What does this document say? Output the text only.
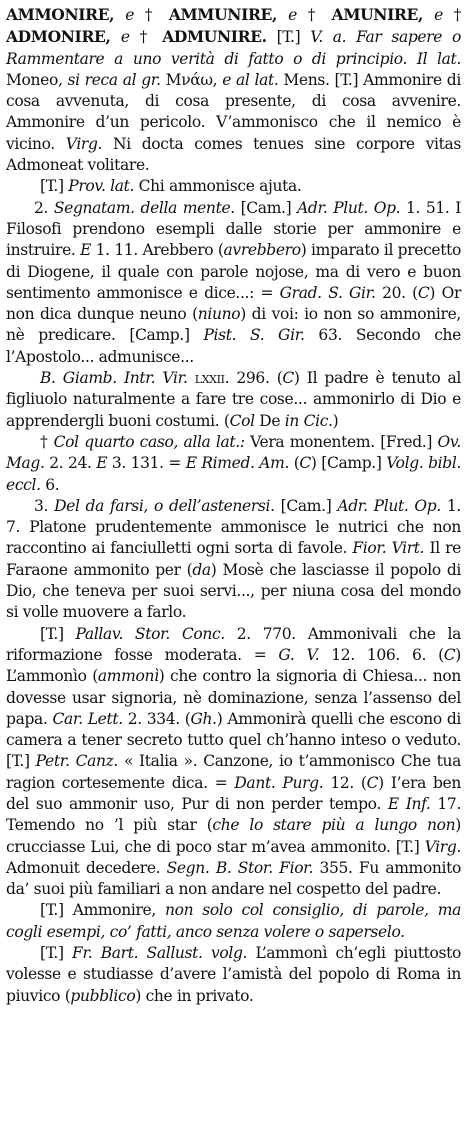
AMMONIRE, e † AMMUNIRE, e † AMUNIRE, e † ADMONIRE, e † ADMUNIRE. [T.] V. a. Far sapere o Rammentare a uno verità di fatto o di principio. Il lat. Moneo, si reca al gr. Mνάω, e al lat. Mens. [T.] Ammonire di cosa avvenuta, di cosa presente, di cosa avvenire. Ammonire d’un pericolo. V’ammonisco che il nemico è vicino. Virg. Ni docta comes tenues sine corpore vitas Admoneat volitare.

[T.] Prov. lat. Chi ammonisce ajuta.

2. Segnatam. della mente. [Cam.] Adr. Plut. Op. 1. 51. I Filosofi prendono esempli dalle storie per ammonire e instruire. E 1. 11. Arebbero (avrebbero) imparato il precetto di Diogene, il quale con parole nojose, ma di vero e buon sentimento ammonisce e dice...: = Grad. S. Gir. 20. (C) Or non dica dunque neuno (niuno) di voi: io non so ammonire, nè predicare. [Camp.] Pist. S. Gir. 63. Secondo che l’Apostolo... admunisce...

B. Giamb. Intr. Vir. lxxii. 296. (C) Il padre è tenuto al figliuolo naturalmente a fare tre cose... ammonirlo di Dio e apprendergli buoni costumi. (Col De in Cic.)

† Col quarto caso, alla lat.: Vera monentem. [Fred.] Ov. Mag. 2. 24. E 3. 131. = E Rimed. Am. (C) [Camp.] Volg. bibl. eccl. 6.

3. Del da farsi, o dell’astenersi. [Cam.] Adr. Plut. Op. 1. 7. Platone prudentemente ammonisce le nutrici che non raccontino ai fanciulletti ogni sorta di favole. Fior. Virt. Il re Faraone ammonito per (da) Mosè che lasciasse il popolo di Dio, che teneva per suoi servi..., per niuna cosa del mondo si volle muovere a farlo.

[T.] Pallav. Stor. Conc. 2. 770. Ammonivali che la riformazione fosse moderata. = G. V. 12. 106. 6. (C) L’ammonìo (ammonì) che contro la signoria di Chiesa... non dovesse usar signoria, nè dominazione, senza l’assenso del papa. Car. Lett. 2. 334. (Gh.) Ammonirà quelli che escono di camera a tener secreto tutto quel ch’hanno inteso o veduto. [T.] Petr. Canz. « Italia ». Canzone, io t’ammonisco Che tua ragion cortesemente dica. = Dant. Purg. 12. (C) I’era ben del suo ammonir uso, Pur di non perder tempo. E Inf. 17. Temendo no ’l più star (che lo stare più a lungo non) crucciasse Lui, che di poco star m’avea ammonito. [T.] Virg. Admonuit decedere. Segn. B. Stor. Fior. 355. Fu ammonito da’ suoi più familiari a non andare nel cospetto del padre.

[T.] Ammonire, non solo col consiglio, di parole, ma cogli esempi, co’ fatti, anco senza volere o saperselo.

[T.] Fr. Bart. Sallust. volg. L’ammonì ch’egli piuttosto volesse e studiasse d’avere l’amistà del popolo di Roma in piuvico (pubblico) che in privato.
